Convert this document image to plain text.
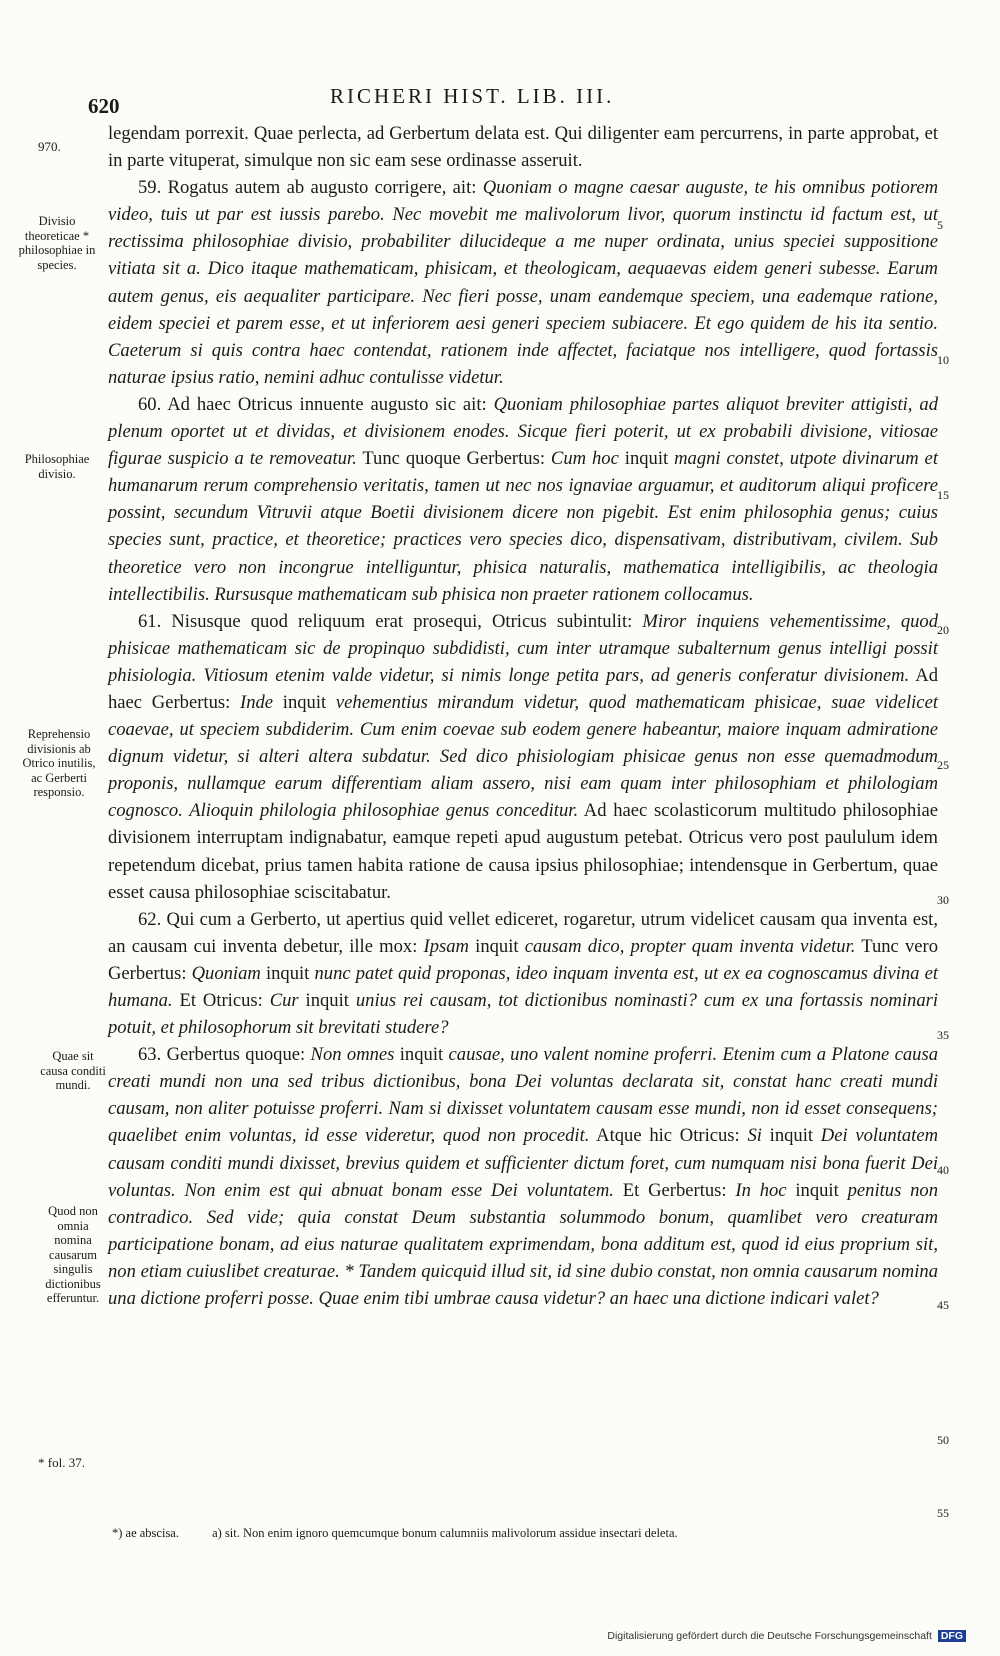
620	RICHERI HIST. LIB. III.
970.
Divisio theoreticae * philosophiae in species.
Philosophiae divisio.
Reprehensio divisionis ab Otrico inutilis, ac Gerberti responsio.
Quae sit causa conditi mundi.
Quod non omnia nomina causarum singulis dictionibus efferuntur.
* fol. 37.
5
10
15
20
25
30
35
40
45
50
55

legendam porrexit. Quae perlecta, ad Gerbertum delata est. Qui diligenter eam percurrens, in parte approbat, et in parte vituperat, simulque non sic eam sese ordinasse asseruit.

59. Rogatus autem ab augusto corrigere, ait: Quoniam o magne caesar auguste, te his omnibus potiorem video, tuis ut par est iussis parebo. Nec movebit me malivolorum livor, quorum instinctu id factum est, ut rectissima philosophiae divisio, probabiliter dilucideque a me nuper ordinata, unius speciei suppositione vitiata sit a. Dico itaque mathematicam, phisicam, et theologicam, aequaevas eidem generi subesse. Earum autem genus, eis aequaliter participare. Nec fieri posse, unam eandemque speciem, una eademque ratione, eidem speciei et parem esse, et ut inferiorem aesi generi speciem subiacere. Et ego quidem de his ita sentio. Caeterum si quis contra haec contendat, rationem inde affectet, faciatque nos intelligere, quod fortassis naturae ipsius ratio, nemini adhuc contulisse videtur.

60. Ad haec Otricus innuente augusto sic ait: Quoniam philosophiae partes aliquot breviter attigisti, ad plenum oportet ut et dividas, et divisionem enodes. Sicque fieri poterit, ut ex probabili divisione, vitiosae figurae suspicio a te removeatur. Tunc quoque Gerbertus: Cum hoc inquit magni constet, utpote divinarum et humanarum rerum comprehensio veritatis, tamen ut nec nos ignaviae arguamur, et auditorum aliqui proficere possint, secundum Vitruvii atque Boetii divisionem dicere non pigebit. Est enim philosophia genus; cuius species sunt, practice, et theoretice; practices vero species dico, dispensativam, distributivam, civilem. Sub theoretice vero non incongrue intelliguntur, phisica naturalis, mathematica intelligibilis, ac theologia intellectibilis. Rursusque mathematicam sub phisica non praeter rationem collocamus.

61. Nisusque quod reliquum erat prosequi, Otricus subintulit: Miror inquiens vehementissime, quod phisicae mathematicam sic de propinquo subdidisti, cum inter utramque subalternum genus intelligi possit phisiologia. Vitiosum etenim valde videtur, si nimis longe petita pars, ad generis conferatur divisionem. Ad haec Gerbertus: Inde inquit vehementius mirandum videtur, quod mathematicam phisicae, suae videlicet coaevae, ut speciem subdiderim. Cum enim coevae sub eodem genere habeantur, maiore inquam admiratione dignum videtur, si alteri altera subdatur. Sed dico phisiologiam phisicae genus non esse quemadmodum proponis, nullamque earum differentiam aliam assero, nisi eam quam inter philosophiam et philologiam cognosco. Alioquin philologia philosophiae genus conceditur. Ad haec scolasticorum multitudo philosophiae divisionem interruptam indignabatur, eamque repeti apud augustum petebat. Otricus vero post paululum idem repetendum dicebat, prius tamen habita ratione de causa ipsius philosophiae; intendensque in Gerbertum, quae esset causa philosophiae sciscitabatur.

62. Qui cum a Gerberto, ut apertius quid vellet ediceret, rogaretur, utrum videlicet causam qua inventa est, an causam cui inventa debetur, ille mox: Ipsam inquit causam dico, propter quam inventa videtur. Tunc vero Gerbertus: Quoniam inquit nunc patet quid proponas, ideo inquam inventa est, ut ex ea cognoscamus divina et humana. Et Otricus: Cur inquit unius rei causam, tot dictionibus nominasti? cum ex una fortassis nominari potuit, et philosophorum sit brevitati studere?

63. Gerbertus quoque: Non omnes inquit causae, uno valent nomine proferri. Etenim cum a Platone causa creati mundi non una sed tribus dictionibus, bona Dei voluntas declarata sit, constat hanc creati mundi causam, non aliter potuisse proferri. Nam si dixisset voluntatem causam esse mundi, non id esset consequens; quaelibet enim voluntas, id esse videretur, quod non procedit. Atque hic Otricus: Si inquit Dei voluntatem causam conditi mundi dixisset, brevius quidem et sufficienter dictum foret, cum numquam nisi bona fuerit Dei voluntas. Non enim est qui abnuat bonam esse Dei voluntatem. Et Gerbertus: In hoc inquit penitus non contradico. Sed vide; quia constat Deum substantia solummodo bonum, quamlibet vero creaturam participatione bonam, ad eius naturae qualitatem exprimendam, bona additum est, quod id eius proprium sit, non etiam cuiuslibet creaturae. * Tandem quicquid illud sit, id sine dubio constat, non omnia causarum nomina una dictione proferri posse. Quae enim tibi umbrae causa videtur? an haec una dictione indicari valet?

*) ae abscisa.	a) sit. Non enim ignoro quemcumque bonum calumniis malivolorum assidue insectari deleta.
Digitalisierung gefördert durch die Deutsche Forschungsgemeinschaft DFG
